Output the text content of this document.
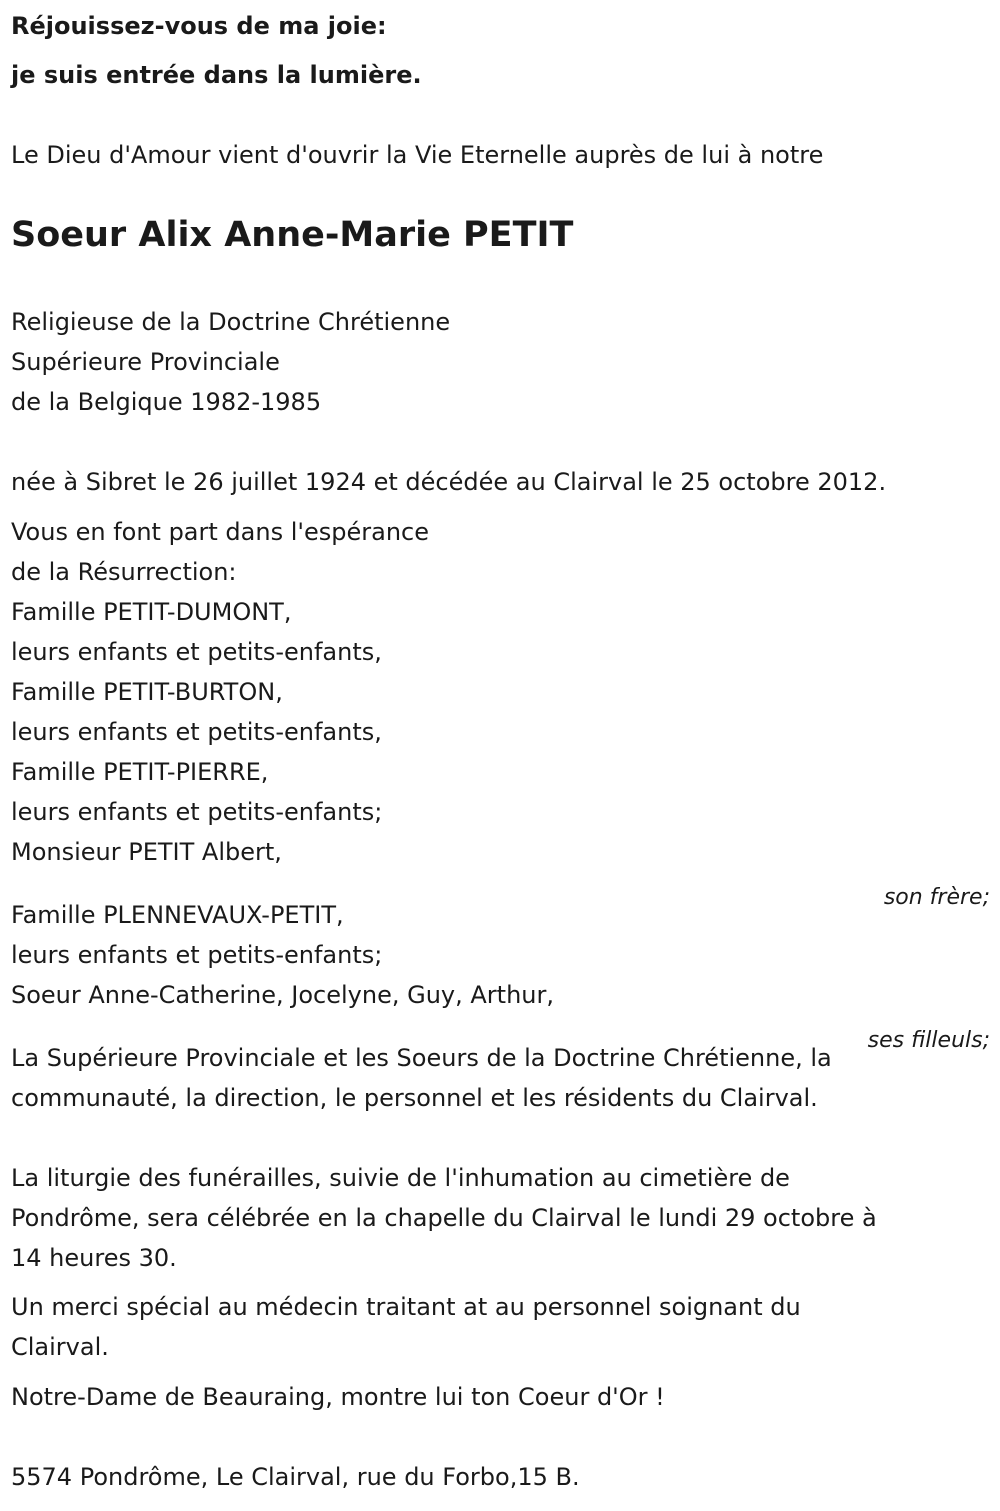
Réjouissez-vous de ma joie:

je suis entrée dans la lumière.

Le Dieu d'Amour vient d'ouvrir la Vie Eternelle auprès de lui à notre

Soeur Alix Anne-Marie PETIT

Religieuse de la Doctrine Chrétienne

Supérieure Provinciale

de la Belgique 1982-1985

née à Sibret le 26 juillet 1924 et décédée au Clairval le 25 octobre 2012.

Vous en font part dans l'espérance

de la Résurrection:

Famille PETIT-DUMONT,

leurs enfants et petits-enfants,

Famille PETIT-BURTON,

leurs enfants et petits-enfants,

Famille PETIT-PIERRE,

leurs enfants et petits-enfants;

Monsieur PETIT Albert,

son frère;

Famille PLENNEVAUX-PETIT,

leurs enfants et petits-enfants;

Soeur Anne-Catherine, Jocelyne, Guy, Arthur,

ses filleuls;

La Supérieure Provinciale et les Soeurs de la Doctrine Chrétienne, la

communauté, la direction, le personnel et les résidents du Clairval.

La liturgie des funérailles, suivie de l'inhumation au cimetière de

Pondrôme, sera célébrée en la chapelle du Clairval le lundi 29 octobre à

14 heures 30.

Un merci spécial au médecin traitant at au personnel soignant du

Clairval.

Notre-Dame de Beauraing, montre lui ton Coeur d'Or !

5574 Pondrôme, Le Clairval, rue du Forbo,15 B.
